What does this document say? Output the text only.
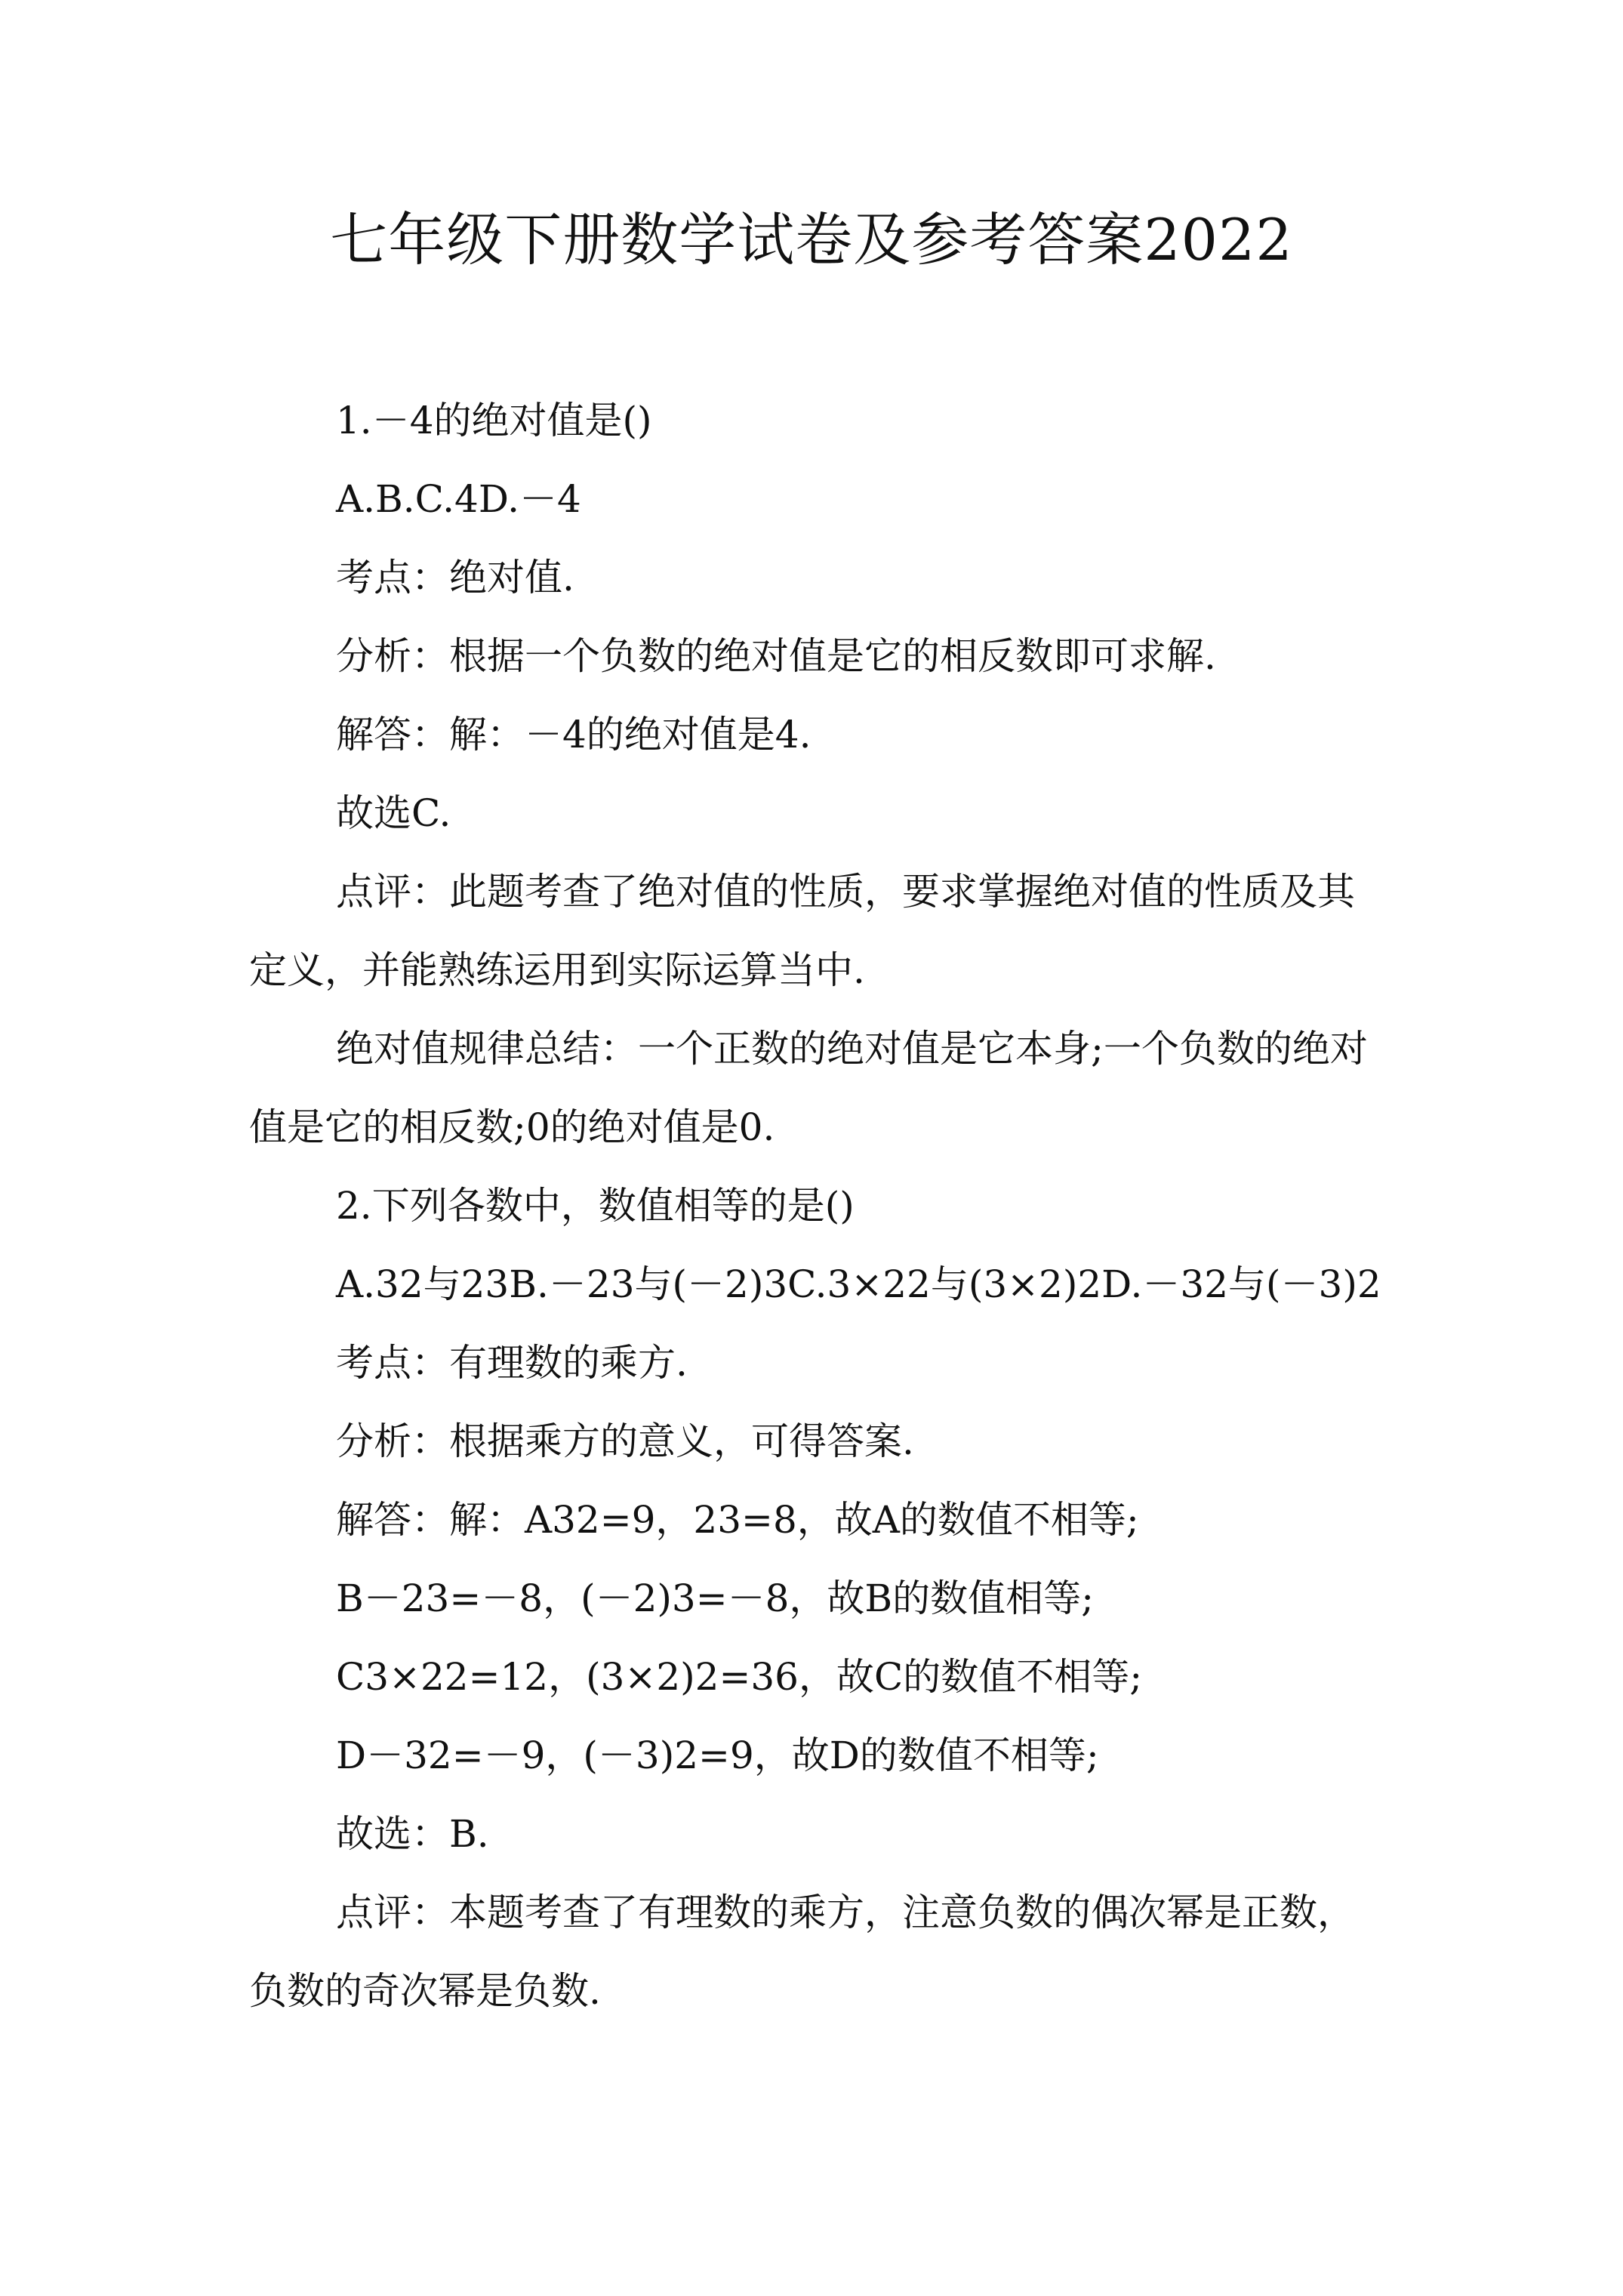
七年级下册数学试卷及参考答案2022

1.－4的绝对值是()

A.B.C.4D.－4

考点：绝对值.

分析：根据一个负数的绝对值是它的相反数即可求解.

解答：解：－4的绝对值是4.

故选C.

点评：此题考查了绝对值的性质，要求掌握绝对值的性质及其定义，并能熟练运用到实际运算当中.

绝对值规律总结：一个正数的绝对值是它本身;一个负数的绝对值是它的相反数;0的绝对值是0.

2.下列各数中，数值相等的是()

A.32与23B.－23与(－2)3C.3×22与(3×2)2D.－32与(－3)2

考点：有理数的乘方.

分析：根据乘方的意义，可得答案.

解答：解：A32=9，23=8，故A的数值不相等;

B－23=－8，(－2)3=－8，故B的数值相等;

C3×22=12，(3×2)2=36，故C的数值不相等;

D－32=－9，(－3)2=9，故D的数值不相等;

故选：B.

点评：本题考查了有理数的乘方，注意负数的偶次幂是正数，负数的奇次幂是负数.
